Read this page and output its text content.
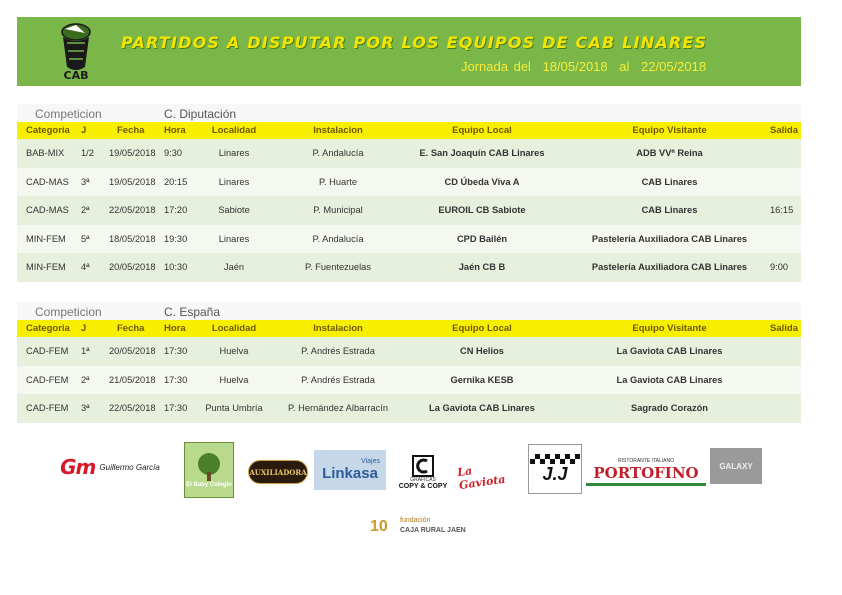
CAB
PARTIDOS A DISPUTAR POR LOS EQUIPOS DE CAB LINARES
Jornada del 18/05/2018 al 22/05/2018
Competicion	C. Diputación
Categoria J	Fecha Hora	Localidad	Instalacion	Equipo Local	Equipo Visitante	Salida
BAB-MIX 1/2 19/05/2018 9:30	Linares	P. Andalucía	E. San Joaquín CAB Linares	ADB VVª Reina
CAD-MAS 3ª 19/05/2018 20:15	Linares	P. Huarte	CD Úbeda Viva A	CAB Linares
CAD-MAS 2ª 22/05/2018 17:20	Sabiote	P. Municipal	EUROIL CB Sabiote	CAB Linares	16:15
MIN-FEM 5ª 18/05/2018 19:30	Linares	P. Andalucía	CPD Bailén	Pastelería Auxiliadora CAB Linares
MIN-FEM 4ª 20/05/2018 10:30	Jaén	P. Fuentezuelas	Jaén CB B	Pastelería Auxiliadora CAB Linares	9:00
Competicion	C. España
Categoria J	Fecha Hora	Localidad	Instalacion	Equipo Local	Equipo Visitante	Salida
CAD-FEM 1ª 20/05/2018 17:30	Huelva	P. Andrés Estrada	CN Helios	La Gaviota CAB Linares
CAD-FEM 2ª 21/05/2018 17:30	Huelva	P. Andrés Estrada	Gernika KESB	La Gaviota CAB Linares
CAD-FEM 3ª 22/05/2018 17:30	Punta Umbría	P. Hernández Albarracín	La Gaviota CAB Linares	Sagrado Corazón
Gm Guillermo García
El Baby Colegio
AUXILIADORA
Viajes
Linkasa	GRÁFICAS
COPY & COPY
La Gaviota	J.J
RISTORANTE ITALIANO
PORTOFINO	GALAXY
10 fundación
CAJA RURAL JAEN
